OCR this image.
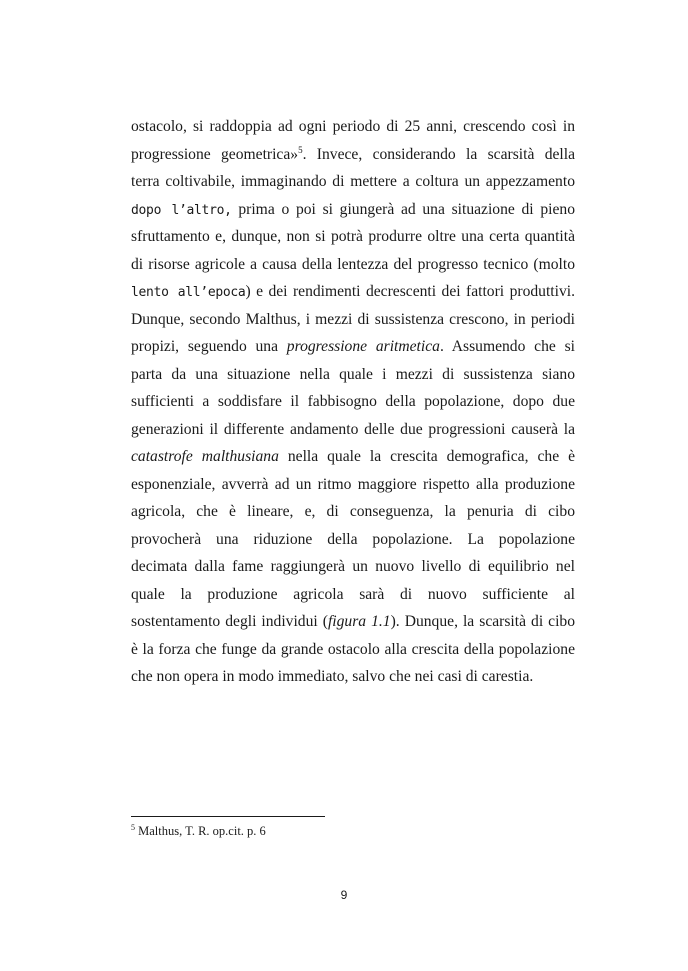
ostacolo, si raddoppia ad ogni periodo di 25 anni, crescendo così in
progressione geometrica»$^5$. Invece, considerando la scarsità della
terra coltivabile, immaginando di mettere a coltura un appezzamento
dopo l’altro, prima o poi si giungerà ad una situazione di pieno
sfruttamento e, dunque, non si potrà produrre oltre una certa quantità
di risorse agricole a causa della lentezza del progresso tecnico (molto
lento all’epoca) e dei rendimenti decrescenti dei fattori produttivi.
Dunque, secondo Malthus, i mezzi di sussistenza crescono, in periodi
propizi, seguendo una progressione aritmetica. Assumendo che si
parta da una situazione nella quale i mezzi di sussistenza siano
sufficienti a soddisfare il fabbisogno della popolazione, dopo due
generazioni il differente andamento delle due progressioni causerà la
catastrofe malthusiana nella quale la crescita demografica, che è
esponenziale, avverrà ad un ritmo maggiore rispetto alla produzione
agricola, che è lineare, e, di conseguenza, la penuria di cibo
provocherà una riduzione della popolazione. La popolazione
decimata dalla fame raggiungerà un nuovo livello di equilibrio nel
quale la produzione agricola sarà di nuovo sufficiente al
sostentamento degli individui (figura 1.1). Dunque, la scarsità di cibo
è la forza che funge da grande ostacolo alla crescita della popolazione
che non opera in modo immediato, salvo che nei casi di carestia.
$^5$ Malthus, T. R. op.cit. p. 6
9
